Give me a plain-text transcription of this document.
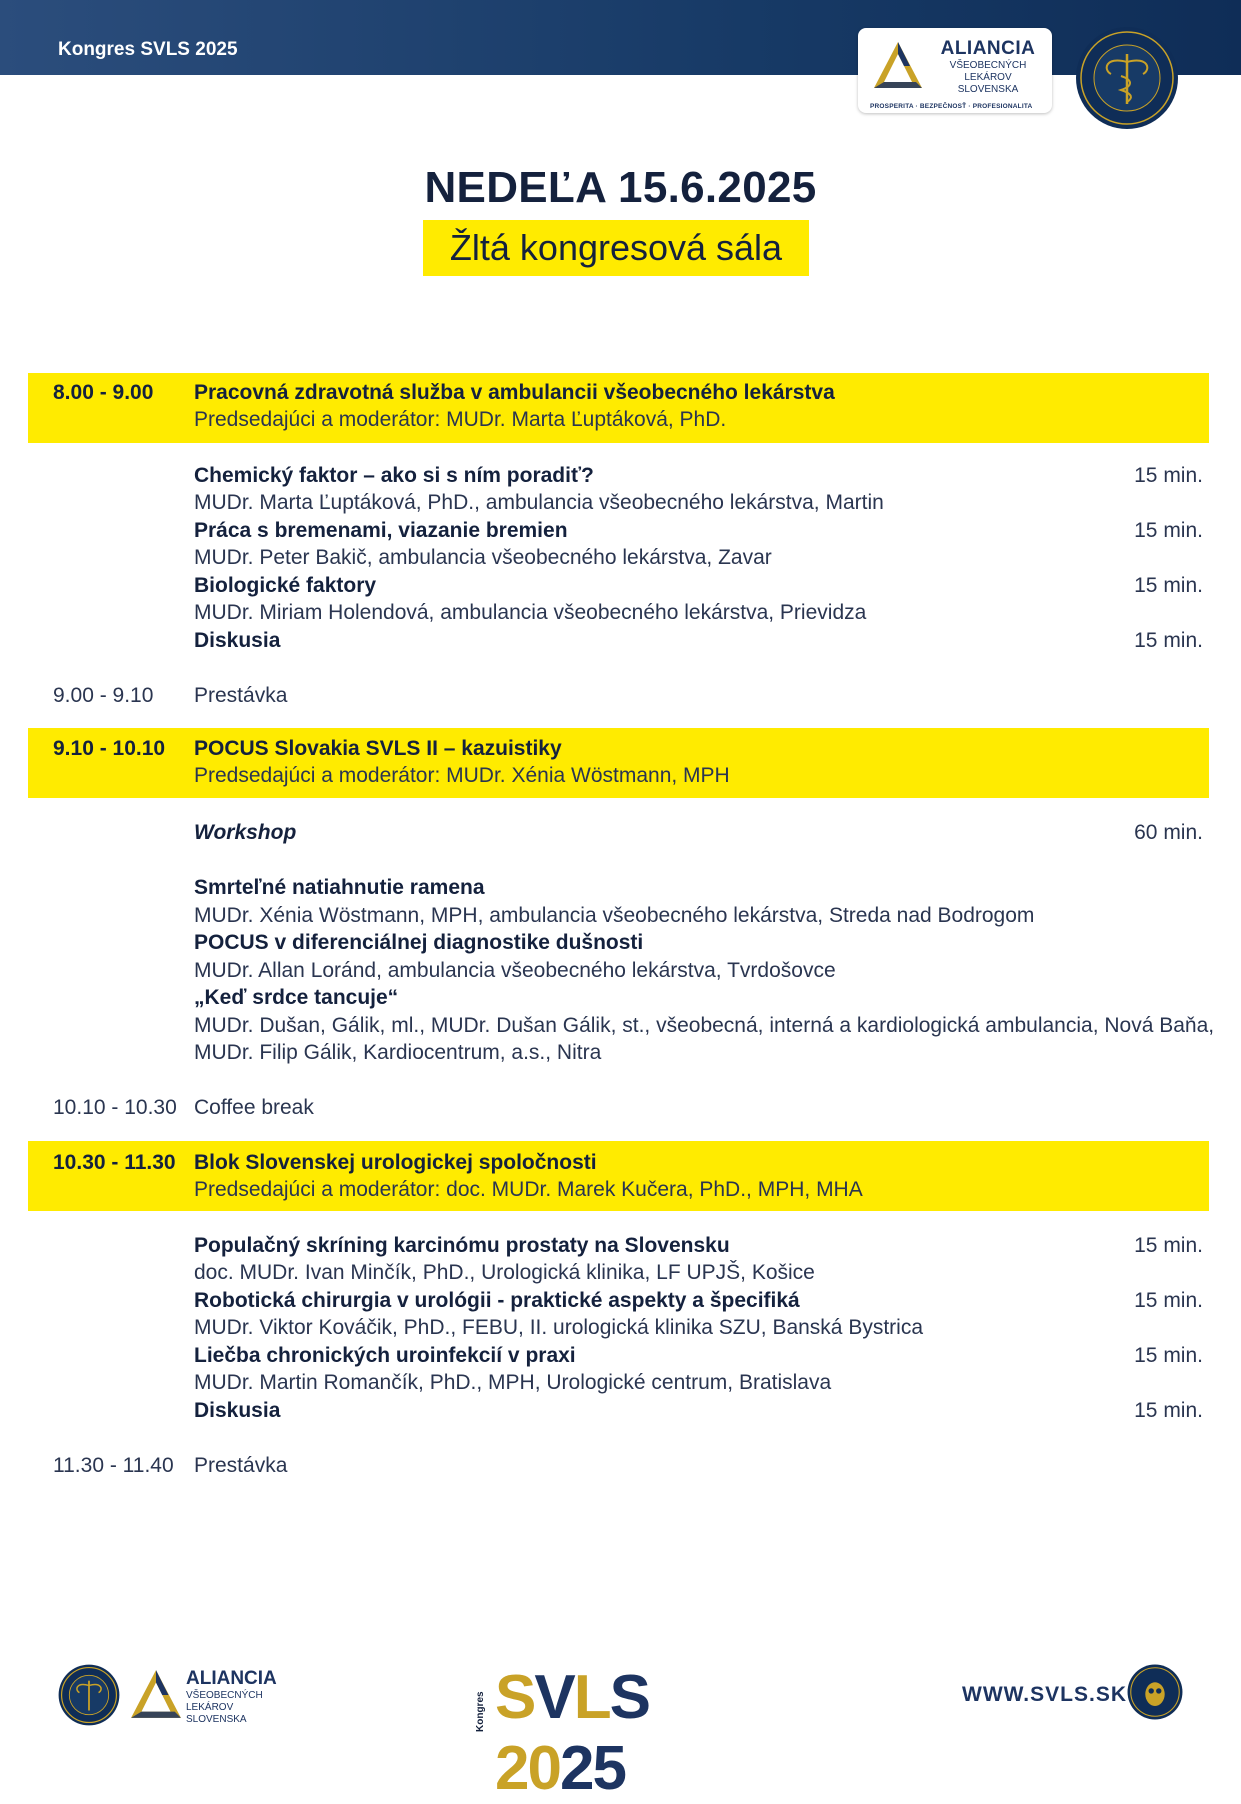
Kongres SVLS 2025	ALIANCIA
VŠEOBECNÝCH
LEKÁROV
SLOVENSKA
PROSPERITA · BEZPEČNOSŤ · PROFESIONALITA
NEDEĽA 15.6.2025
Žltá kongresová sála
8.00 - 9.00 Pracovná zdravotná služba v ambulancii všeobecného lekárstva
Predsedajúci a moderátor: MUDr. Marta Ľuptáková, PhD.
Chemický faktor – ako si s ním poradiť?	15 min.
MUDr. Marta Ľuptáková, PhD., ambulancia všeobecného lekárstva, Martin
Práca s bremenami, viazanie bremien	15 min.
MUDr. Peter Bakič, ambulancia všeobecného lekárstva, Zavar
Biologické faktory	15 min.
MUDr. Miriam Holendová, ambulancia všeobecného lekárstva, Prievidza
Diskusia	15 min.
9.00 - 9.10 Prestávka
9.10 - 10.10 POCUS Slovakia SVLS II – kazuistiky
Predsedajúci a moderátor: MUDr. Xénia Wöstmann, MPH
Workshop	60 min.
Smrteľné natiahnutie ramena
MUDr. Xénia Wöstmann, MPH, ambulancia všeobecného lekárstva, Streda nad Bodrogom
POCUS v diferenciálnej diagnostike dušnosti
MUDr. Allan Loránd, ambulancia všeobecného lekárstva, Tvrdošovce
„Keď srdce tancuje“
MUDr. Dušan, Gálik, ml., MUDr. Dušan Gálik, st., všeobecná, interná a kardiologická ambulancia, Nová Baňa,
MUDr. Filip Gálik, Kardiocentrum, a.s., Nitra
10.10 - 10.30 Coffee break
10.30 - 11.30 Blok Slovenskej urologickej spoločnosti
Predsedajúci a moderátor: doc. MUDr. Marek Kučera, PhD., MPH, MHA
Populačný skríning karcinómu prostaty na Slovensku	15 min.
doc. MUDr. Ivan Minčík, PhD., Urologická klinika, LF UPJŠ, Košice
Robotická chirurgia v urológii - praktické aspekty a špecifiká	15 min.
MUDr. Viktor Kováčik, PhD., FEBU, II. urologická klinika SZU, Banská Bystrica
Liečba chronických uroinfekcií v praxi	15 min.
MUDr. Martin Romančík, PhD., MPH, Urologické centrum, Bratislava
Diskusia	15 min.
11.30 - 11.40 Prestávka
ALIANCIA
VŠEOBECNÝCH
LEKÁROV
SLOVENSKA	Kongres SVLS 2025
WWW.SVLS.SK
